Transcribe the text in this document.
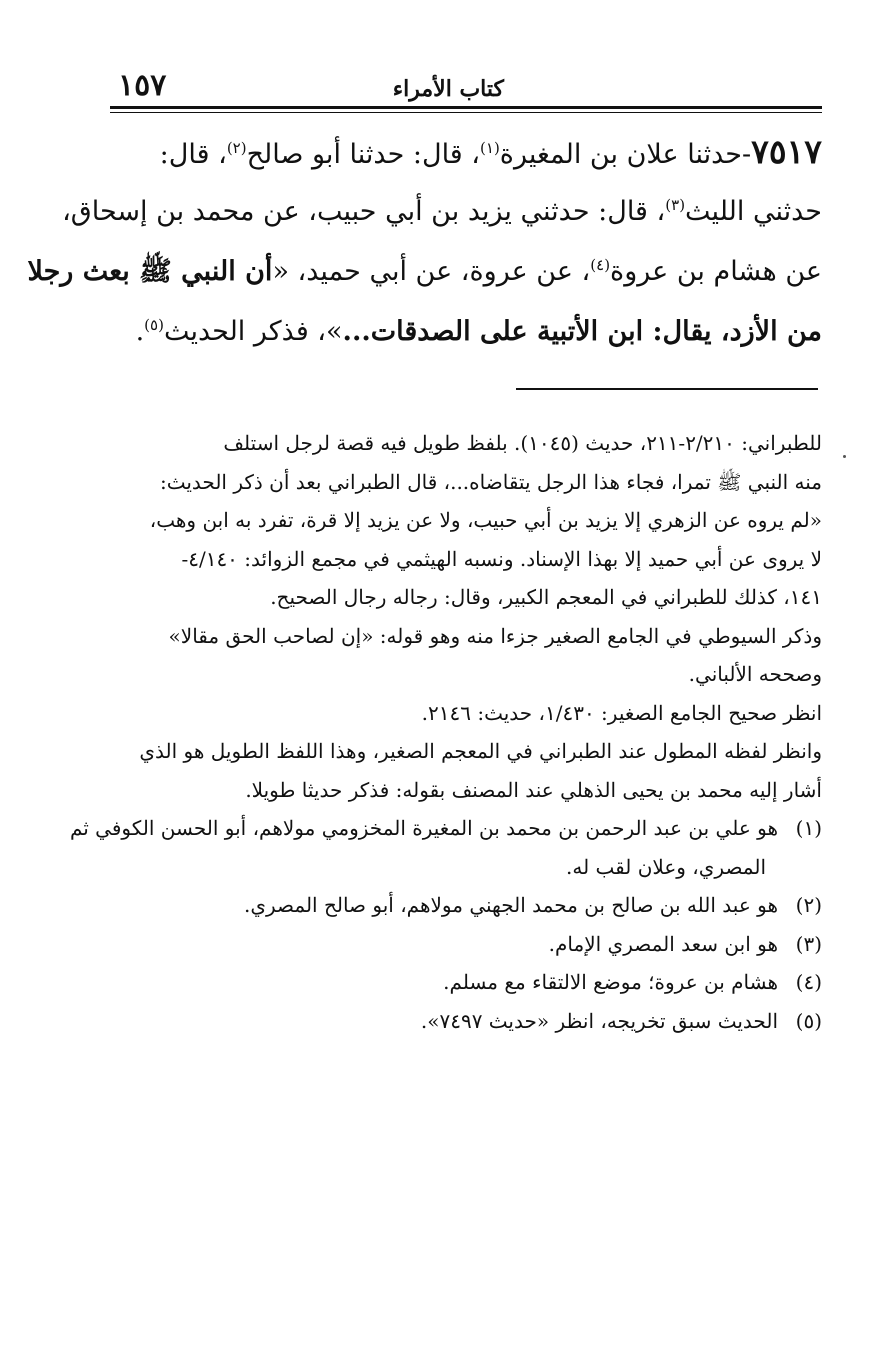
كتاب الأمراء
١٥٧
٧٥١٧-حدثنا علان بن المغيرة$^{(١)}$، قال: حدثنا أبو صالح$^{(٢)}$، قال:
حدثني الليث$^{(٣)}$، قال: حدثني يزيد بن أبي حبيب، عن محمد بن إسحاق،
عن هشام بن عروة$^{(٤)}$، عن عروة، عن أبي حميد، «أن النبي ﷺ بعث رجلا
من الأزد، يقال: ابن الأتبية على الصدقات...»، فذكر الحديث$^{(٥)}$.
للطبراني: ٢/٢١٠-٢١١، حديث (١٠٤٥). بلفظ طويل فيه قصة لرجل استلف
منه النبي ﷺ تمرا، فجاء هذا الرجل يتقاضاه...، قال الطبراني بعد أن ذكر الحديث:
«لم يروه عن الزهري إلا يزيد بن أبي حبيب، ولا عن يزيد إلا قرة، تفرد به ابن وهب،
لا يروى عن أبي حميد إلا بهذا الإسناد. ونسبه الهيثمي في مجمع الزوائد: ٤/١٤٠-
١٤١، كذلك للطبراني في المعجم الكبير، وقال: رجاله رجال الصحيح.
وذكر السيوطي في الجامع الصغير جزءا منه وهو قوله: «إن لصاحب الحق مقالا»
وصححه الألباني.
انظر صحيح الجامع الصغير: ١/٤٣٠، حديث: ٢١٤٦.
وانظر لفظه المطول عند الطبراني في المعجم الصغير، وهذا اللفظ الطويل هو الذي
أشار إليه محمد بن يحيى الذهلي عند المصنف بقوله: فذكر حديثا طويلا.
(١)هو علي بن عبد الرحمن بن محمد بن المغيرة المخزومي مولاهم، أبو الحسن الكوفي ثم
المصري، وعلان لقب له.
(٢)هو عبد الله بن صالح بن محمد الجهني مولاهم، أبو صالح المصري.
(٣)هو ابن سعد المصري الإمام.
(٤)هشام بن عروة؛ موضع الالتقاء مع مسلم.
(٥)الحديث سبق تخريجه، انظر «حديث ٧٤٩٧».
